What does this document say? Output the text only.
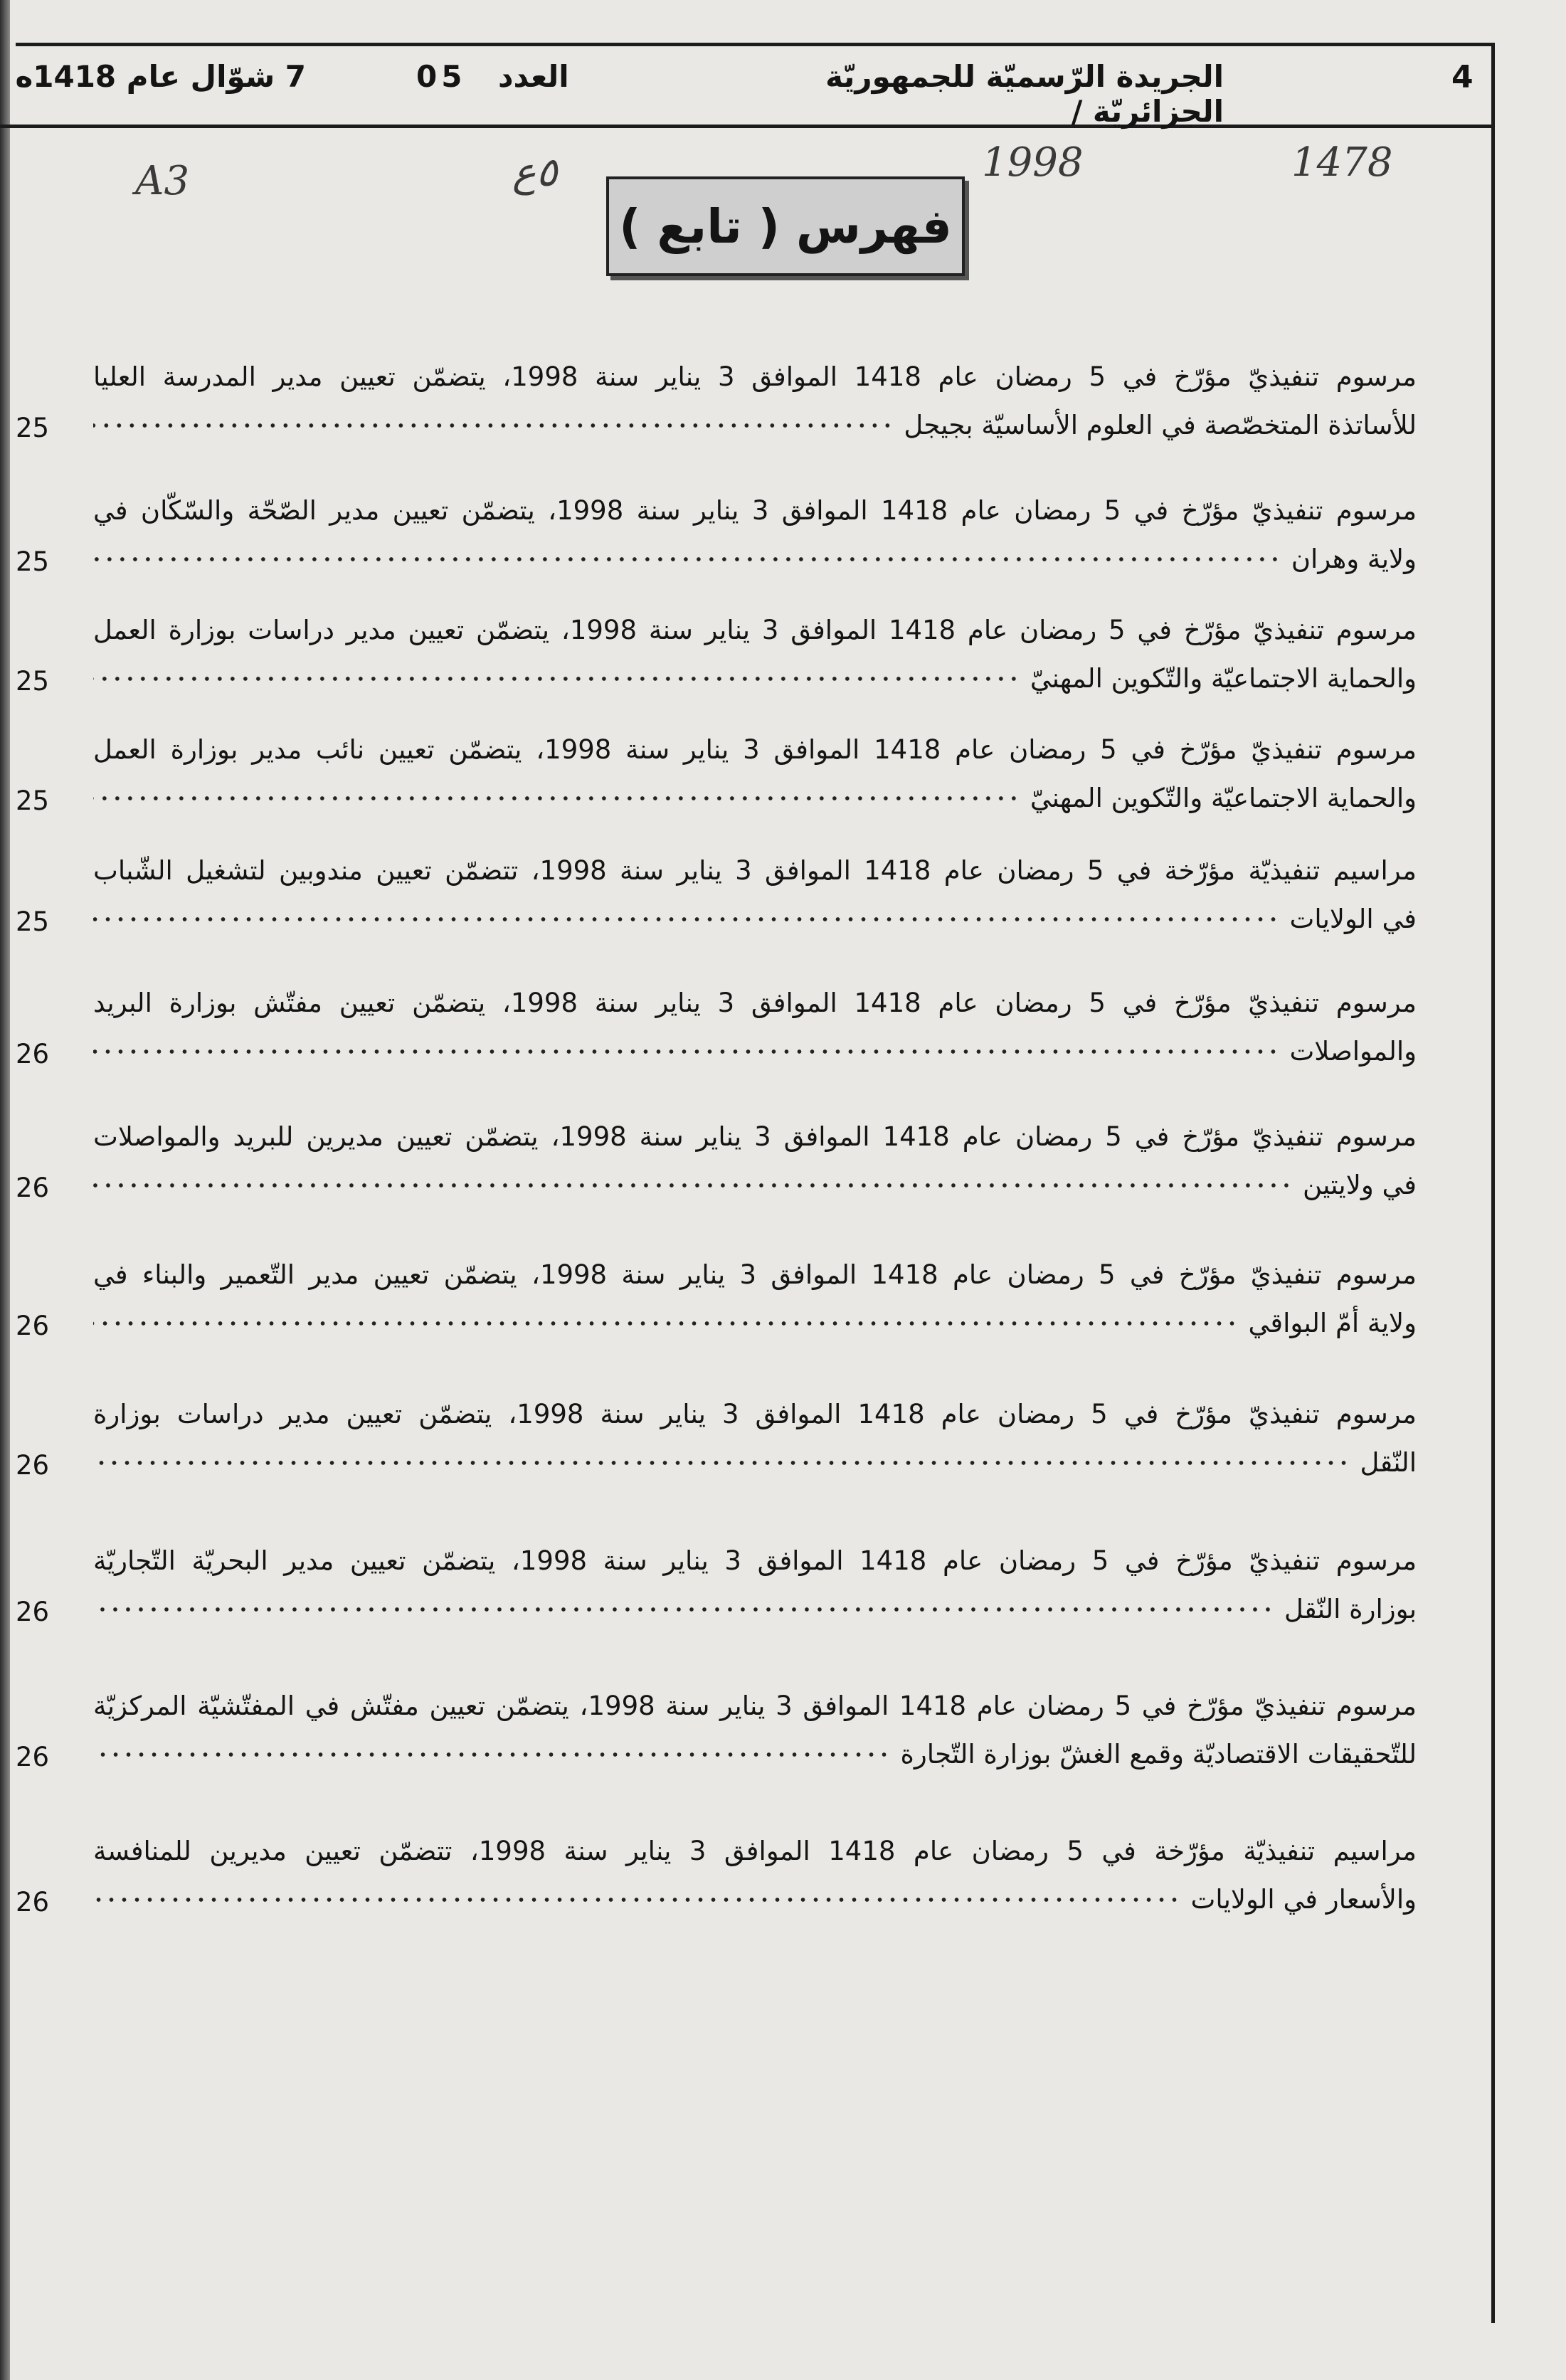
4
الجريدة الرّسميّة للجمهوريّة الجزائريّة /
العدد
05
7 شوّال عام 1418ه
A3	٥ع	1998	1478
فهرس ( تابع )
مرسوم تنفيذيّ مؤرّخ في 5 رمضان عام 1418 الموافق 3 يناير سنة 1998، يتضمّن تعيين مدير المدرسة العليا
للأساتذة المتخصّصة في العلوم الأساسيّة بجيجل
25
مرسوم تنفيذيّ مؤرّخ في 5 رمضان عام 1418 الموافق 3 يناير سنة 1998، يتضمّن تعيين مدير الصّحّة والسّكّان في
ولاية وهران
25
مرسوم تنفيذيّ مؤرّخ في 5 رمضان عام 1418 الموافق 3 يناير سنة 1998، يتضمّن تعيين مدير دراسات بوزارة العمل
والحماية الاجتماعيّة والتّكوين المهنيّ
25
مرسوم تنفيذيّ مؤرّخ في 5 رمضان عام 1418 الموافق 3 يناير سنة 1998، يتضمّن تعيين نائب مدير بوزارة العمل
والحماية الاجتماعيّة والتّكوين المهنيّ
25
مراسيم تنفيذيّة مؤرّخة في 5 رمضان عام 1418 الموافق 3 يناير سنة 1998، تتضمّن تعيين مندوبين لتشغيل الشّباب
في الولايات
25
مرسوم تنفيذيّ مؤرّخ في 5 رمضان عام 1418 الموافق 3 يناير سنة 1998، يتضمّن تعيين مفتّش بوزارة البريد
والمواصلات
26
مرسوم تنفيذيّ مؤرّخ في 5 رمضان عام 1418 الموافق 3 يناير سنة 1998، يتضمّن تعيين مديرين للبريد والمواصلات
في ولايتين
26
مرسوم تنفيذيّ مؤرّخ في 5 رمضان عام 1418 الموافق 3 يناير سنة 1998، يتضمّن تعيين مدير التّعمير والبناء في
ولاية أمّ البواقي
26
مرسوم تنفيذيّ مؤرّخ في 5 رمضان عام 1418 الموافق 3 يناير سنة 1998، يتضمّن تعيين مدير دراسات بوزارة
النّقل
26
مرسوم تنفيذيّ مؤرّخ في 5 رمضان عام 1418 الموافق 3 يناير سنة 1998، يتضمّن تعيين مدير البحريّة التّجاريّة
بوزارة النّقل
26
مرسوم تنفيذيّ مؤرّخ في 5 رمضان عام 1418 الموافق 3 يناير سنة 1998، يتضمّن تعيين مفتّش في المفتّشيّة المركزيّة
للتّحقيقات الاقتصاديّة وقمع الغشّ بوزارة التّجارة
26
مراسيم تنفيذيّة مؤرّخة في 5 رمضان عام 1418 الموافق 3 يناير سنة 1998، تتضمّن تعيين مديرين للمنافسة
والأسعار في الولايات
26
